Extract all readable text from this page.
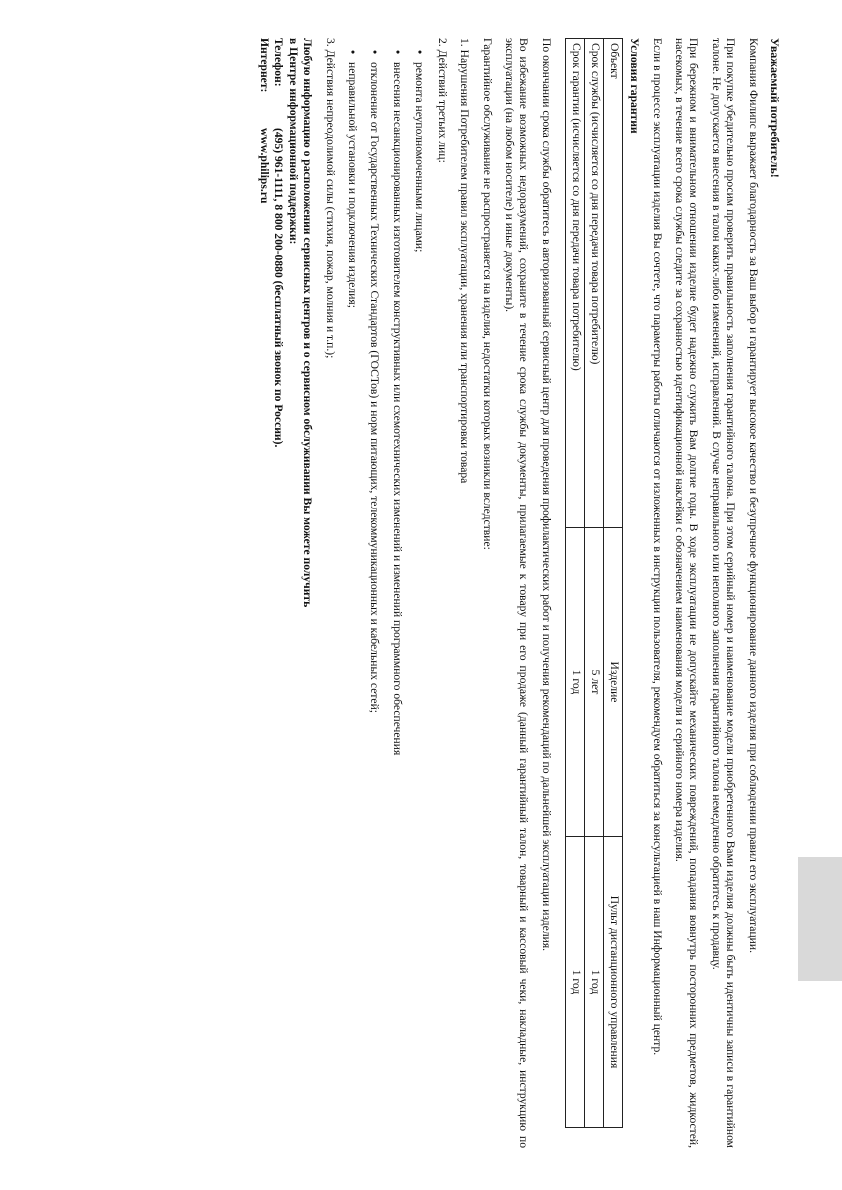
Уважаемый потребитель!

Компания Филипс выражает благодарность за Ваш выбор и гарантирует высокое качество и безупречное функционирование данного изделия при соблюдении правил его эксплуатации.

При покупке убедительно просим проверить правильность заполнения гарантийного талона. При этом серийный номер и наименование модели приобретенного Вами изделия должны быть идентичны записи в гарантийном талоне. Не допускается внесения в талон каких-либо изменений, исправлений. В случае неправильного или неполного заполнения гарантийного талона немедленно обратитесь к продавцу.

При бережном и внимательном отношении изделие будет надежно служить Вам долгие годы. В ходе эксплуатации не допускайте механических повреждений, попадания вовнутрь посторонних предметов, жидкостей, насекомых, в течение всего срока службы следите за сохранностью идентификационной наклейки с обозначением наименования модели и серийного номера изделия.

Если в процессе эксплуатации изделия Вы сочтете, что параметры работы отличаются от изложенных в инструкции пользователя, рекомендуем обратиться за консультацией в наш Информационный центр.

Условия гарантии
Объект	Изделие	Пульт дистанционного управления
Срок службы (исчисляется со дня передачи товара потребителю)	5 лет	1 год
Срок гарантии (исчисляется со дня передачи товара потребителю)	1 год	1 год

По окончании срока службы обратитесь в авторизованный сервисный центр для проведения профилактических работ и получения рекомендаций по дальнейшей эксплуатации изделия.

Во избежание возможных недоразумений, сохраните в течение срока службы документы, прилагаемые к товару при его продаже (данный гарантийный талон, товарный и кассовый чеки, накладные, инструкцию по эксплуатации (на любом носителе) и иные документы).

Гарантийное обслуживание не распространяется на изделия, недостатки которых возникли вследствие:

1. Нарушения Потребителем правил эксплуатации, хранения или транспортировки товара
2. Действий третьих лиц:
•ремонта неуполномоченными лицами;
•внесения несанкционированных изготовителем конструктивных или схемотехнических изменений и изменений программного обеспечения
•отклонение от Государственных Технических Стандартов (ГОСТов) и норм питающих, телекоммуникационных и кабельных сетей;
•неправильной установки и подключения изделия;
3. Действия непреодолимой силы (стихия, пожар, молния и т.п.);
Любую информацию о расположении сервисных центров и о сервисном обслуживании Вы можете получить
в Центре информационной поддержки:
Телефон:
(495) 961-1111, 8 800 200-0880 (бесплатный звонок по России).
Интернет:
www.philips.ru
